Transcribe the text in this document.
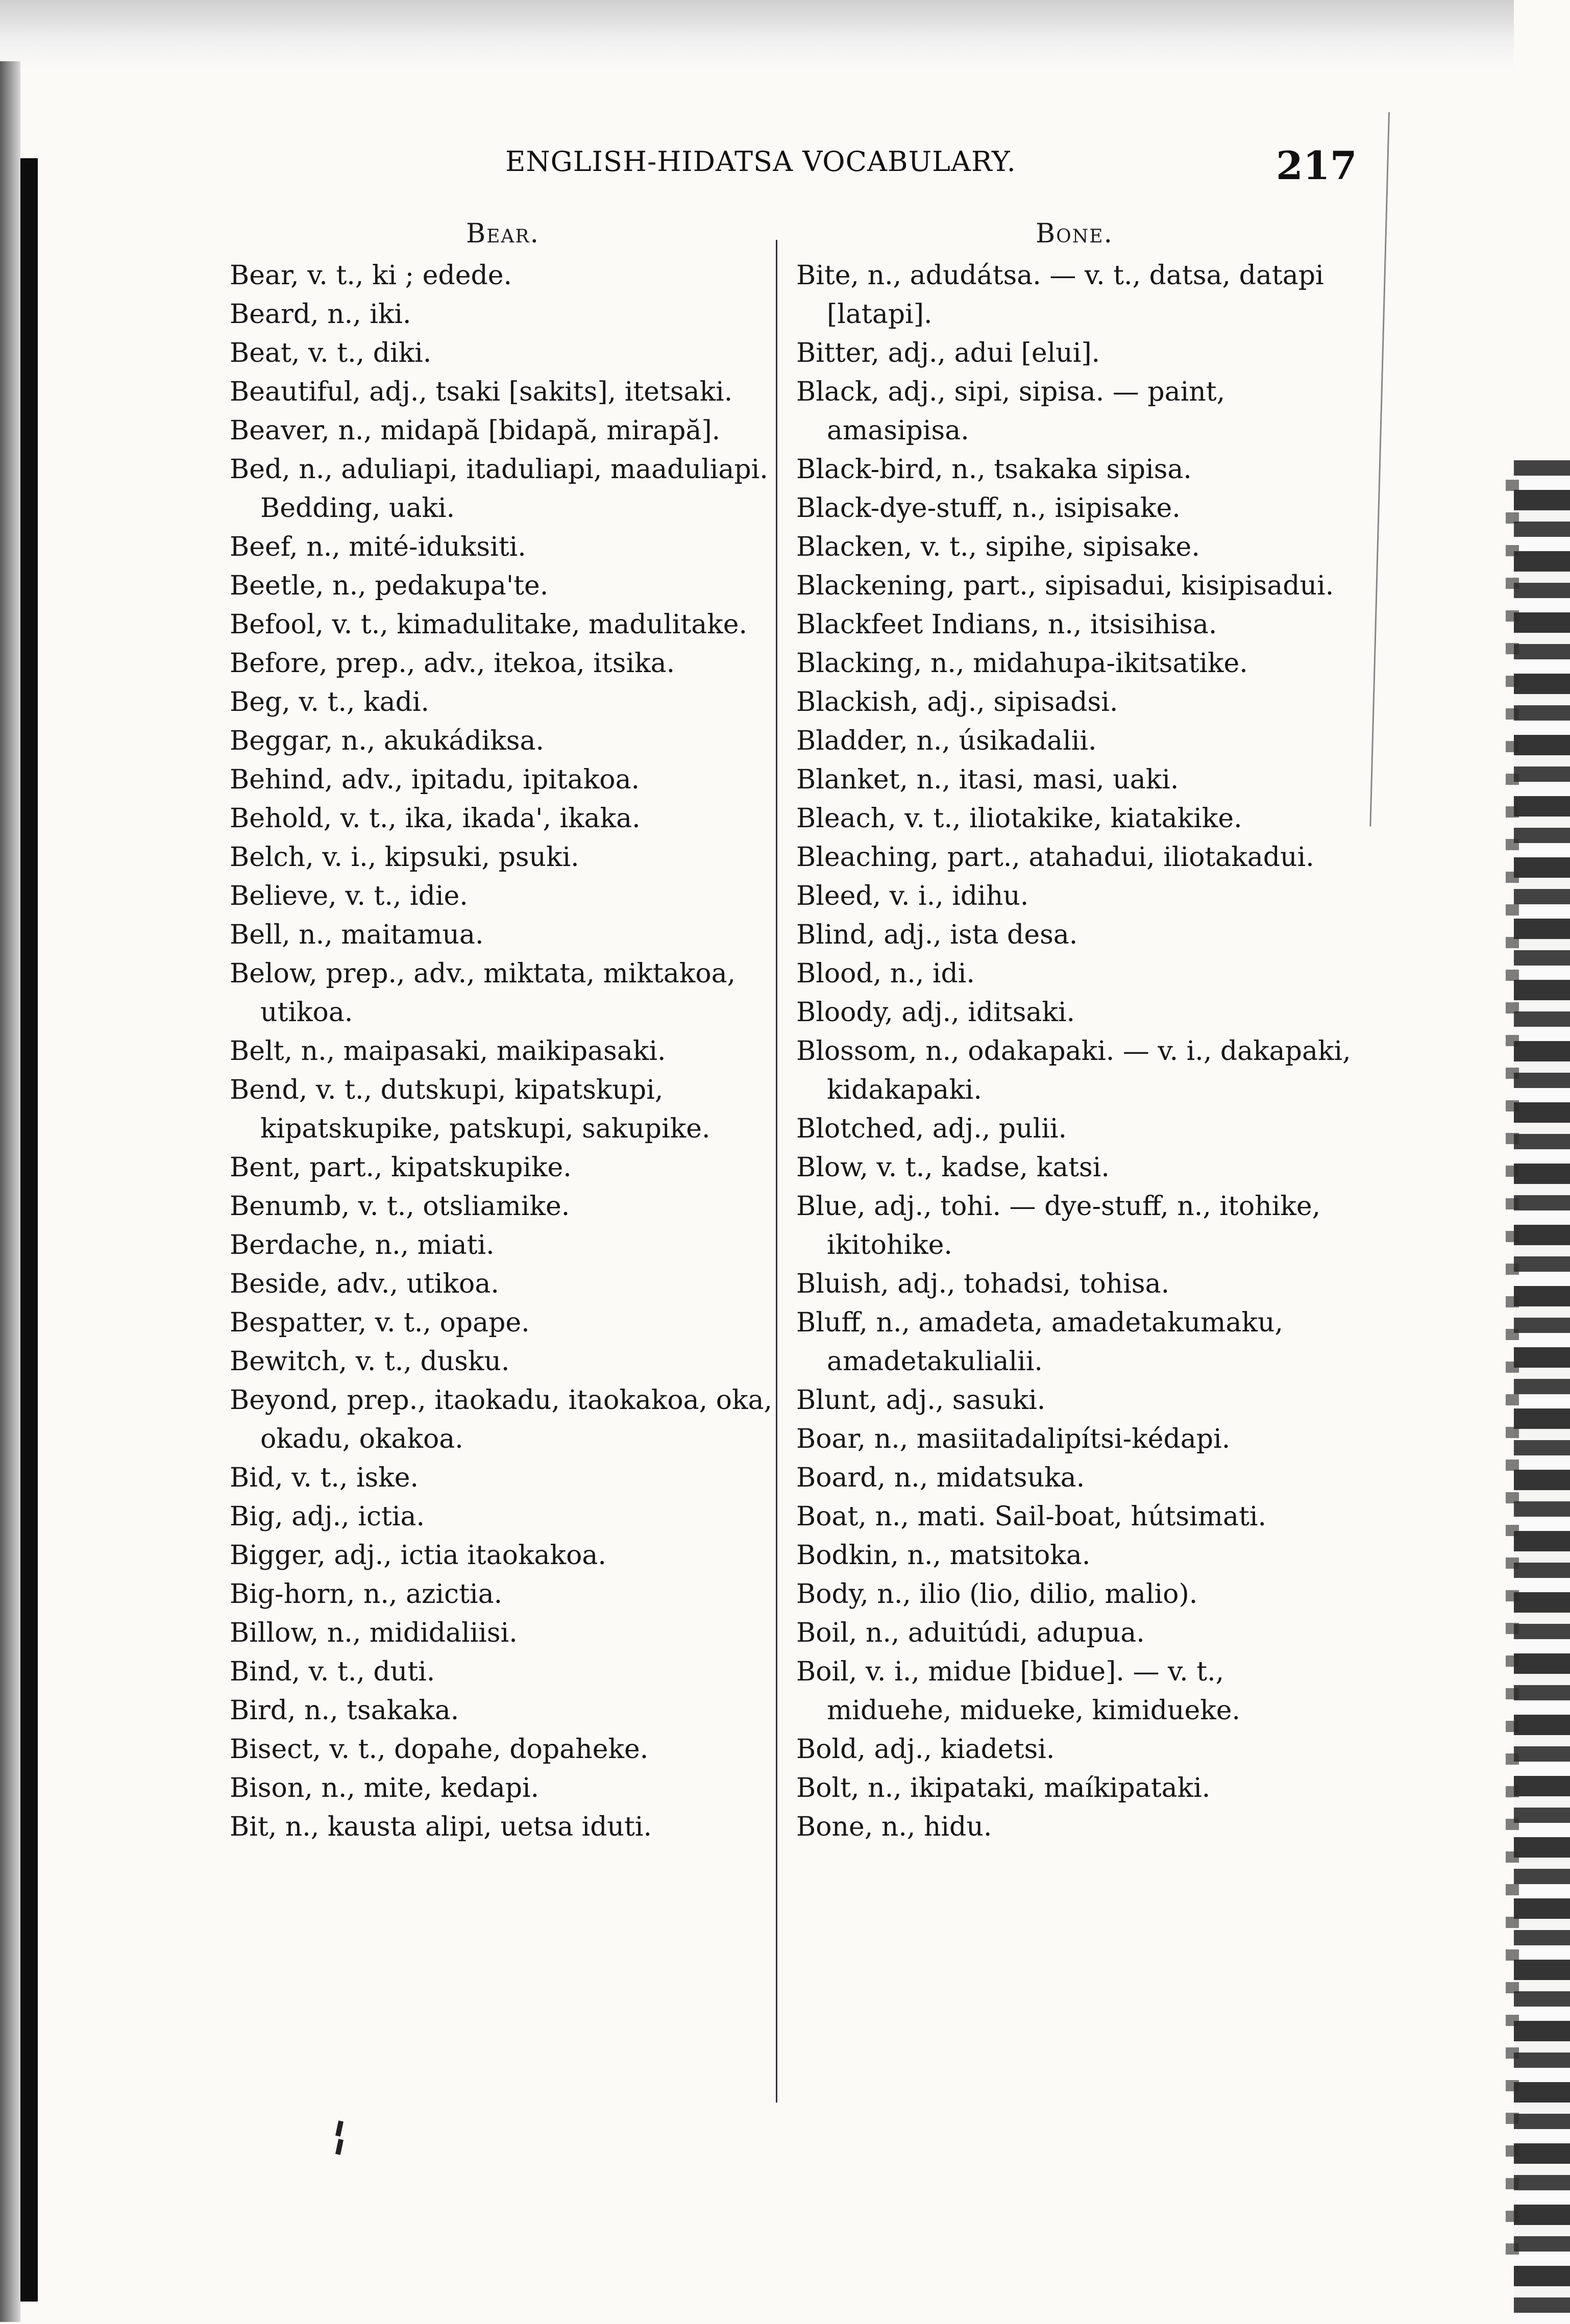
ENGLISH-HIDATSA VOCABULARY.	217
Bear.

Bear, v. t., ki ; edede.

Beard, n., iki.

Beat, v. t., diki.

Beautiful, adj., tsaki [sakits], itetsaki.

Beaver, n., midapă [bidapă, mirapă].

Bed, n., aduliapi, itaduliapi, maaduliapi. Bedding, uaki.

Beef, n., mité-iduksiti.

Beetle, n., pedakupa'te.

Befool, v. t., kimadulitake, madulitake.

Before, prep., adv., itekoa, itsika.

Beg, v. t., kadi.

Beggar, n., akukádiksa.

Behind, adv., ipitadu, ipitakoa.

Behold, v. t., ika, ikada', ikaka.

Belch, v. i., kipsuki, psuki.

Believe, v. t., idie.

Bell, n., maitamua.

Below, prep., adv., miktata, miktakoa, utikoa.

Belt, n., maipasaki, maikipasaki.

Bend, v. t., dutskupi, kipatskupi, kipatskupike, patskupi, sakupike.

Bent, part., kipatskupike.

Benumb, v. t., otsliamike.

Berdache, n., miati.

Beside, adv., utikoa.

Bespatter, v. t., opape.

Bewitch, v. t., dusku.

Beyond, prep., itaokadu, itaokakoa, oka, okadu, okakoa.

Bid, v. t., iske.

Big, adj., ictia.

Bigger, adj., ictia itaokakoa.

Big-horn, n., azictia.

Billow, n., mididaliisi.

Bind, v. t., duti.

Bird, n., tsakaka.

Bisect, v. t., dopahe, dopaheke.

Bison, n., mite, kedapi.

Bit, n., kausta alipi, uetsa iduti.

Bone.

Bite, n., adudátsa. — v. t., datsa, datapi [latapi].

Bitter, adj., adui [elui].

Black, adj., sipi, sipisa. — paint, amasipisa.

Black-bird, n., tsakaka sipisa.

Black-dye-stuff, n., isipisake.

Blacken, v. t., sipihe, sipisake.

Blackening, part., sipisadui, kisipisadui.

Blackfeet Indians, n., itsisihisa.

Blacking, n., midahupa-ikitsatike.

Blackish, adj., sipisadsi.

Bladder, n., úsikadalii.

Blanket, n., itasi, masi, uaki.

Bleach, v. t., iliotakike, kiatakike.

Bleaching, part., atahadui, iliotakadui.

Bleed, v. i., idihu.

Blind, adj., ista desa.

Blood, n., idi.

Bloody, adj., iditsaki.

Blossom, n., odakapaki. — v. i., dakapaki, kidakapaki.

Blotched, adj., pulii.

Blow, v. t., kadse, katsi.

Blue, adj., tohi. — dye-stuff, n., itohike, ikitohike.

Bluish, adj., tohadsi, tohisa.

Bluff, n., amadeta, amadetakumaku, amadetakulialii.

Blunt, adj., sasuki.

Boar, n., masiitadalipítsi-kédapi.

Board, n., midatsuka.

Boat, n., mati. Sail-boat, hútsimati.

Bodkin, n., matsitoka.

Body, n., ilio (lio, dilio, malio).

Boil, n., aduitúdi, adupua.

Boil, v. i., midue [bidue]. — v. t., miduehe, midueke, kimidueke.

Bold, adj., kiadetsi.

Bolt, n., ikipataki, maíkipataki.

Bone, n., hidu.
